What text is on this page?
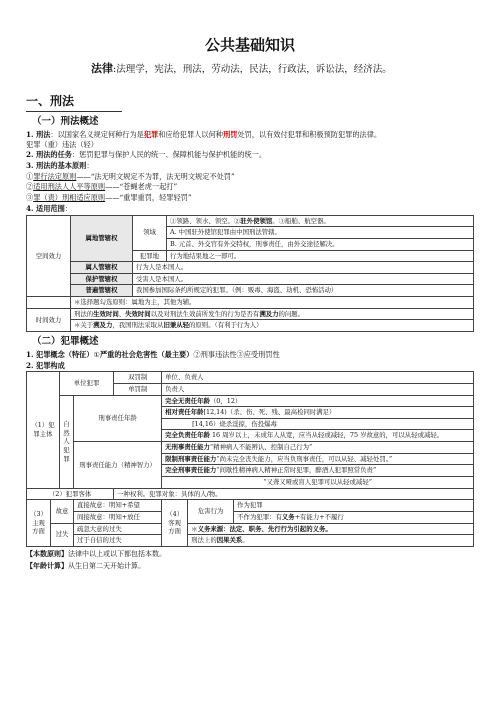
公共基础知识
法律:法理学，宪法，刑法，劳动法，民法，行政法，诉讼法，经济法。
一、刑法
（一）刑法概述
1. 刑法：以国家名义规定何种行为是犯罪和应给犯罪人以何种刑罚处罚，以有效付犯罪和积极预防犯罪的法律。
犯罪（重）违法（轻）
2. 刑法的任务：惩罚犯罪与保护人民的统一、保障机能与保护机能的统一。
3. 刑法的基本原则：
①罪行法定原则——“法无明文规定不为罪，法无明文规定不处罚”
②适用刑法人人平等原则——“苍蝇老虎一起打”
③罪（责）刑相适应原则——“重罪重罚，轻罪轻罚”
4. 适用范围：
空间效力	属地管辖权	领域	①领路、领水、领空。②驻外使领馆。③船舶、航空器。
			A. 中国驻外使馆犯罪由中国刑法管辖。
			B. 元首、外交官有外交特权，刑事责任，由外交途径解决。
		犯罪地	行为地结果地之一即可。
	属人管辖权	行为人是本国人。	
	保护管辖权	受害人是本国人。	
	普遍管辖权	我国参加国际条约所规定的犯罪。（例：贩毒、海盗、劫机、恐怖活动）	
	＊选择题勾选原则：属地为主，其他为辅。		
时间效力	刑法的生效时间、失效时间以及对刑法生效前所发生的行为是否有溯及力的问题。		
	＊关于溯及力，我国刑法采取从旧兼从轻的原则。（有利于行为人）		
（二）犯罪概述
1. 犯罪概念（特征）①严重的社会危害性（最主要）②刑事违法性③应受刑罚性
2. 犯罪构成
（1）犯罪主体		单位犯罪		双罚制	单位、负责人		
				单罚制	负责人		
		自然人犯罪	刑事责任年龄		完全无责任年龄（0，12）		
					相对责任年龄[12,14)（杀、伤、死、残、最高检同时满足）		
					[14,16）烧杀淫掠，伤投爆毒		
					完全负责任年龄 16 周岁以上，未成年人从宽，应当从轻或减轻，75 岁故意的，可以从轻或减轻。		
			刑事责任能力（精神智力）		无刑事责任能力“精神病人不能辨认、控制自己行为”		
					限制刑事责任能力“尚未完全丧失能力，应当负刑事责任，可以从轻、减轻处罚。”		
					完全刑事责任能力“间歇性精神病人精神正常时犯罪，醉酒人犯罪照常负责”		
					“又聋又哑或盲人犯罪可以从轻或减轻”		
（2）犯罪客体				一种权利。犯罪对象：具体的人/物。			
（3）主观方面	故意		直接故意：明知+希望		（4）客观方面	危害行为	作为犯罪
			间接故意：明知+放任				不作为犯罪：有义务+有能力+不履行
	过失		疏忽大意的过失			＊义务来源：法定、职务、先行行为引起的义务。	
			过于自信的过失			刑法上的因果关系。	
【本数原则】法律中以上或以下都包括本数。
【年龄计算】从生日第二天开始计算。
